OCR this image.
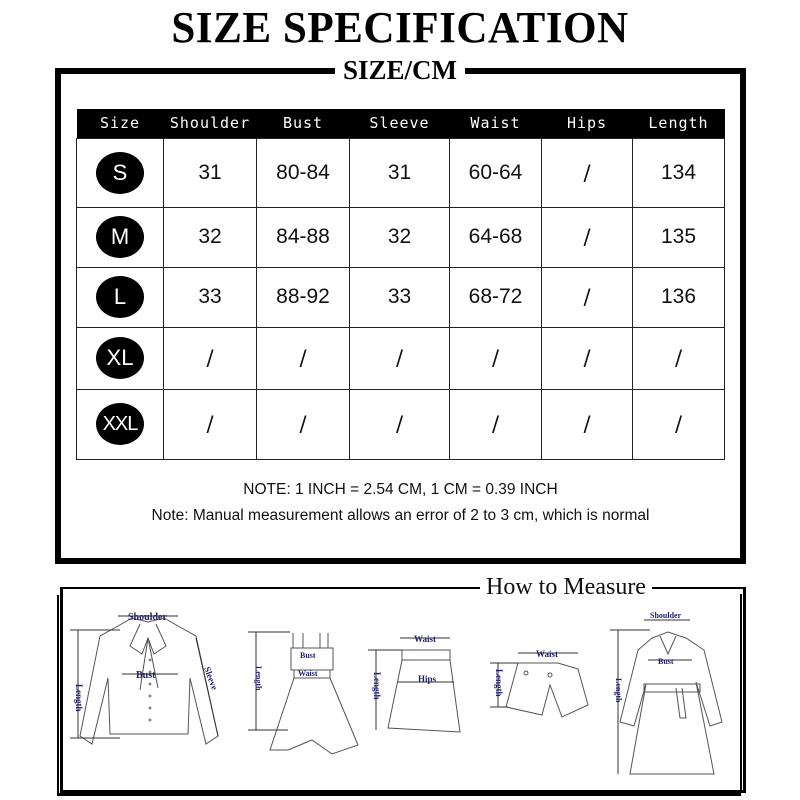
SIZE SPECIFICATION
SIZE/CM
Size	Shoulder	Bust	Sleeve	Waist	Hips	Length
S	31	80-84	31	60-64	/	134
M	32	84-88	32	64-68	/	135
L	33	88-92	33	68-72	/	136
XL	/	/	/	/	/	/
XXL	/	/	/	/	/	/

NOTE: 1 INCH = 2.54 CM, 1 CM = 0.39 INCH

Note: Manual measurement allows an error of 2 to 3 cm, which is normal

How to Measure
Shoulder
Bust
Length
Sleeve
Bust
Waist
Length
Waist
Hips
Length
Waist
Length
Shoulder
Bust
Length
